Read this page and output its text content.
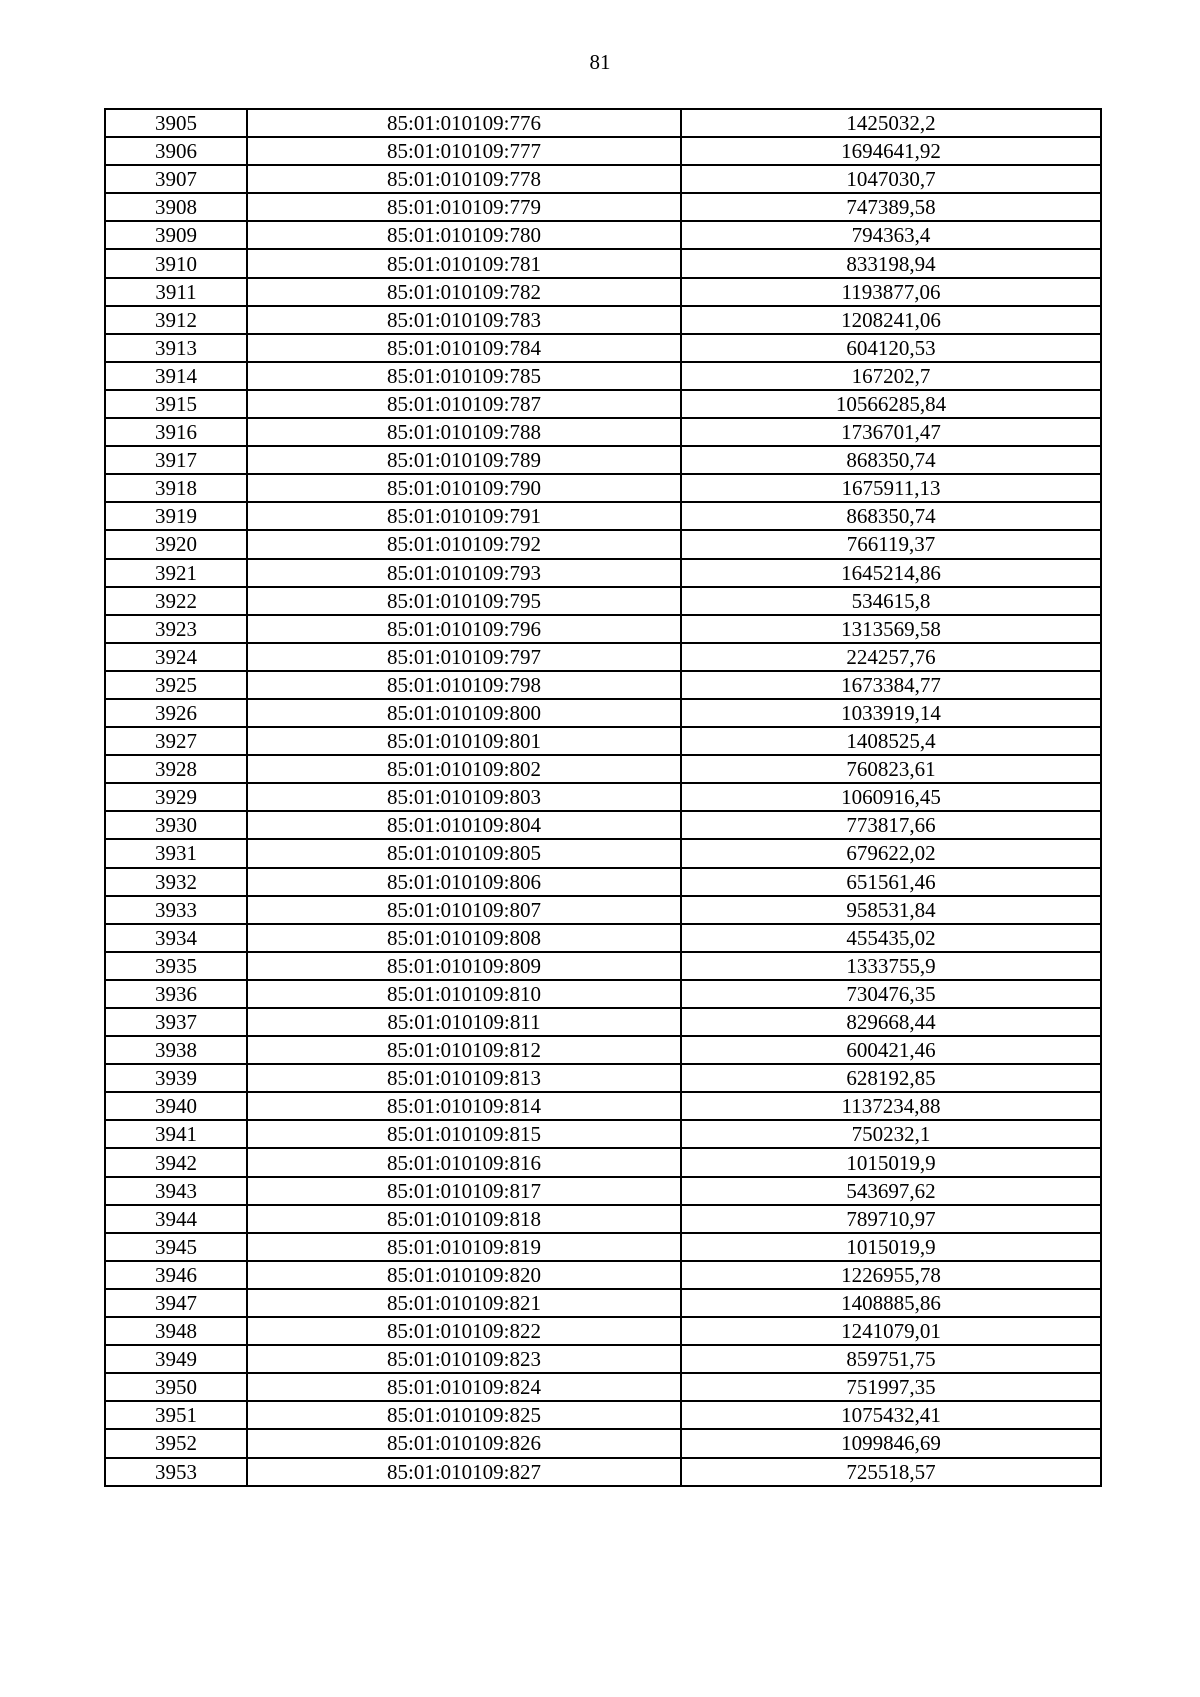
81
3905	85:01:010109:776	1425032,2
3906	85:01:010109:777	1694641,92
3907	85:01:010109:778	1047030,7
3908	85:01:010109:779	747389,58
3909	85:01:010109:780	794363,4
3910	85:01:010109:781	833198,94
3911	85:01:010109:782	1193877,06
3912	85:01:010109:783	1208241,06
3913	85:01:010109:784	604120,53
3914	85:01:010109:785	167202,7
3915	85:01:010109:787	10566285,84
3916	85:01:010109:788	1736701,47
3917	85:01:010109:789	868350,74
3918	85:01:010109:790	1675911,13
3919	85:01:010109:791	868350,74
3920	85:01:010109:792	766119,37
3921	85:01:010109:793	1645214,86
3922	85:01:010109:795	534615,8
3923	85:01:010109:796	1313569,58
3924	85:01:010109:797	224257,76
3925	85:01:010109:798	1673384,77
3926	85:01:010109:800	1033919,14
3927	85:01:010109:801	1408525,4
3928	85:01:010109:802	760823,61
3929	85:01:010109:803	1060916,45
3930	85:01:010109:804	773817,66
3931	85:01:010109:805	679622,02
3932	85:01:010109:806	651561,46
3933	85:01:010109:807	958531,84
3934	85:01:010109:808	455435,02
3935	85:01:010109:809	1333755,9
3936	85:01:010109:810	730476,35
3937	85:01:010109:811	829668,44
3938	85:01:010109:812	600421,46
3939	85:01:010109:813	628192,85
3940	85:01:010109:814	1137234,88
3941	85:01:010109:815	750232,1
3942	85:01:010109:816	1015019,9
3943	85:01:010109:817	543697,62
3944	85:01:010109:818	789710,97
3945	85:01:010109:819	1015019,9
3946	85:01:010109:820	1226955,78
3947	85:01:010109:821	1408885,86
3948	85:01:010109:822	1241079,01
3949	85:01:010109:823	859751,75
3950	85:01:010109:824	751997,35
3951	85:01:010109:825	1075432,41
3952	85:01:010109:826	1099846,69
3953	85:01:010109:827	725518,57
